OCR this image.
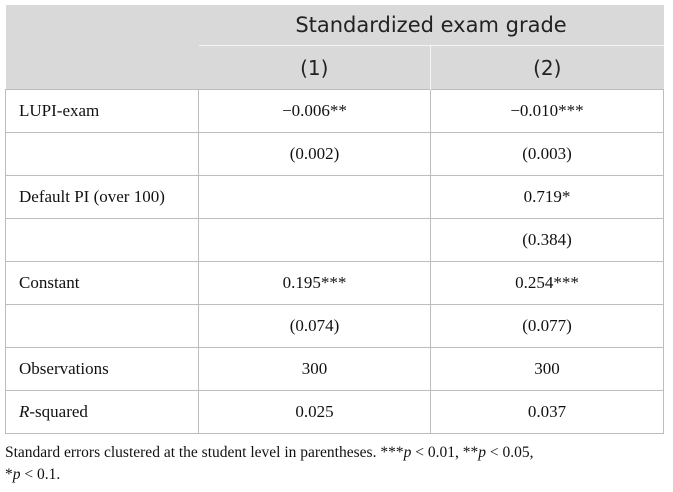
	Standardized exam grade	
	(1)	(2)
LUPI-exam	−0.006**	−0.010***
	(0.002)	(0.003)
Default PI (over 100)		0.719*
		(0.384)
Constant	0.195***	0.254***
	(0.074)	(0.077)
Observations	300	300
R-squared	0.025	0.037
Standard errors clustered at the student level in parentheses. ***p < 0.01, **p < 0.05,
*p < 0.1.
